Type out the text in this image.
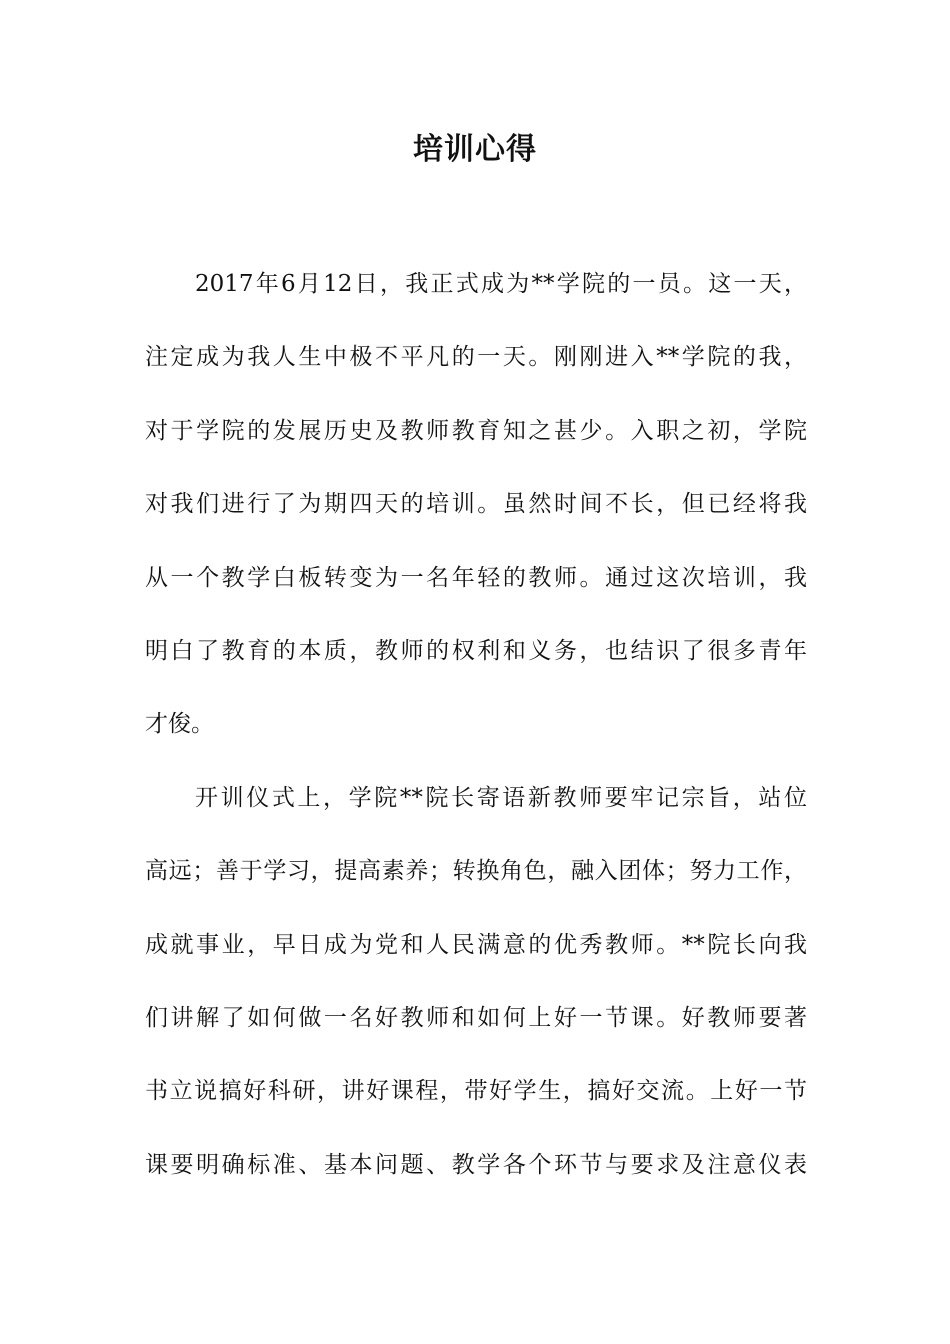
培训心得
2017年6月12日，我正式成为**学院的一员。这一天，
注定成为我人生中极不平凡的一天。刚刚进入**学院的我，
对于学院的发展历史及教师教育知之甚少。入职之初，学院
对我们进行了为期四天的培训。虽然时间不长，但已经将我
从一个教学白板转变为一名年轻的教师。通过这次培训，我
明白了教育的本质，教师的权利和义务，也结识了很多青年
才俊。
开训仪式上，学院**院长寄语新教师要牢记宗旨，站位
高远；善于学习，提高素养；转换角色，融入团体；努力工作，
成就事业，早日成为党和人民满意的优秀教师。**院长向我
们讲解了如何做一名好教师和如何上好一节课。好教师要著
书立说搞好科研，讲好课程，带好学生，搞好交流。上好一节
课要明确标准、基本问题、教学各个环节与要求及注意仪表
